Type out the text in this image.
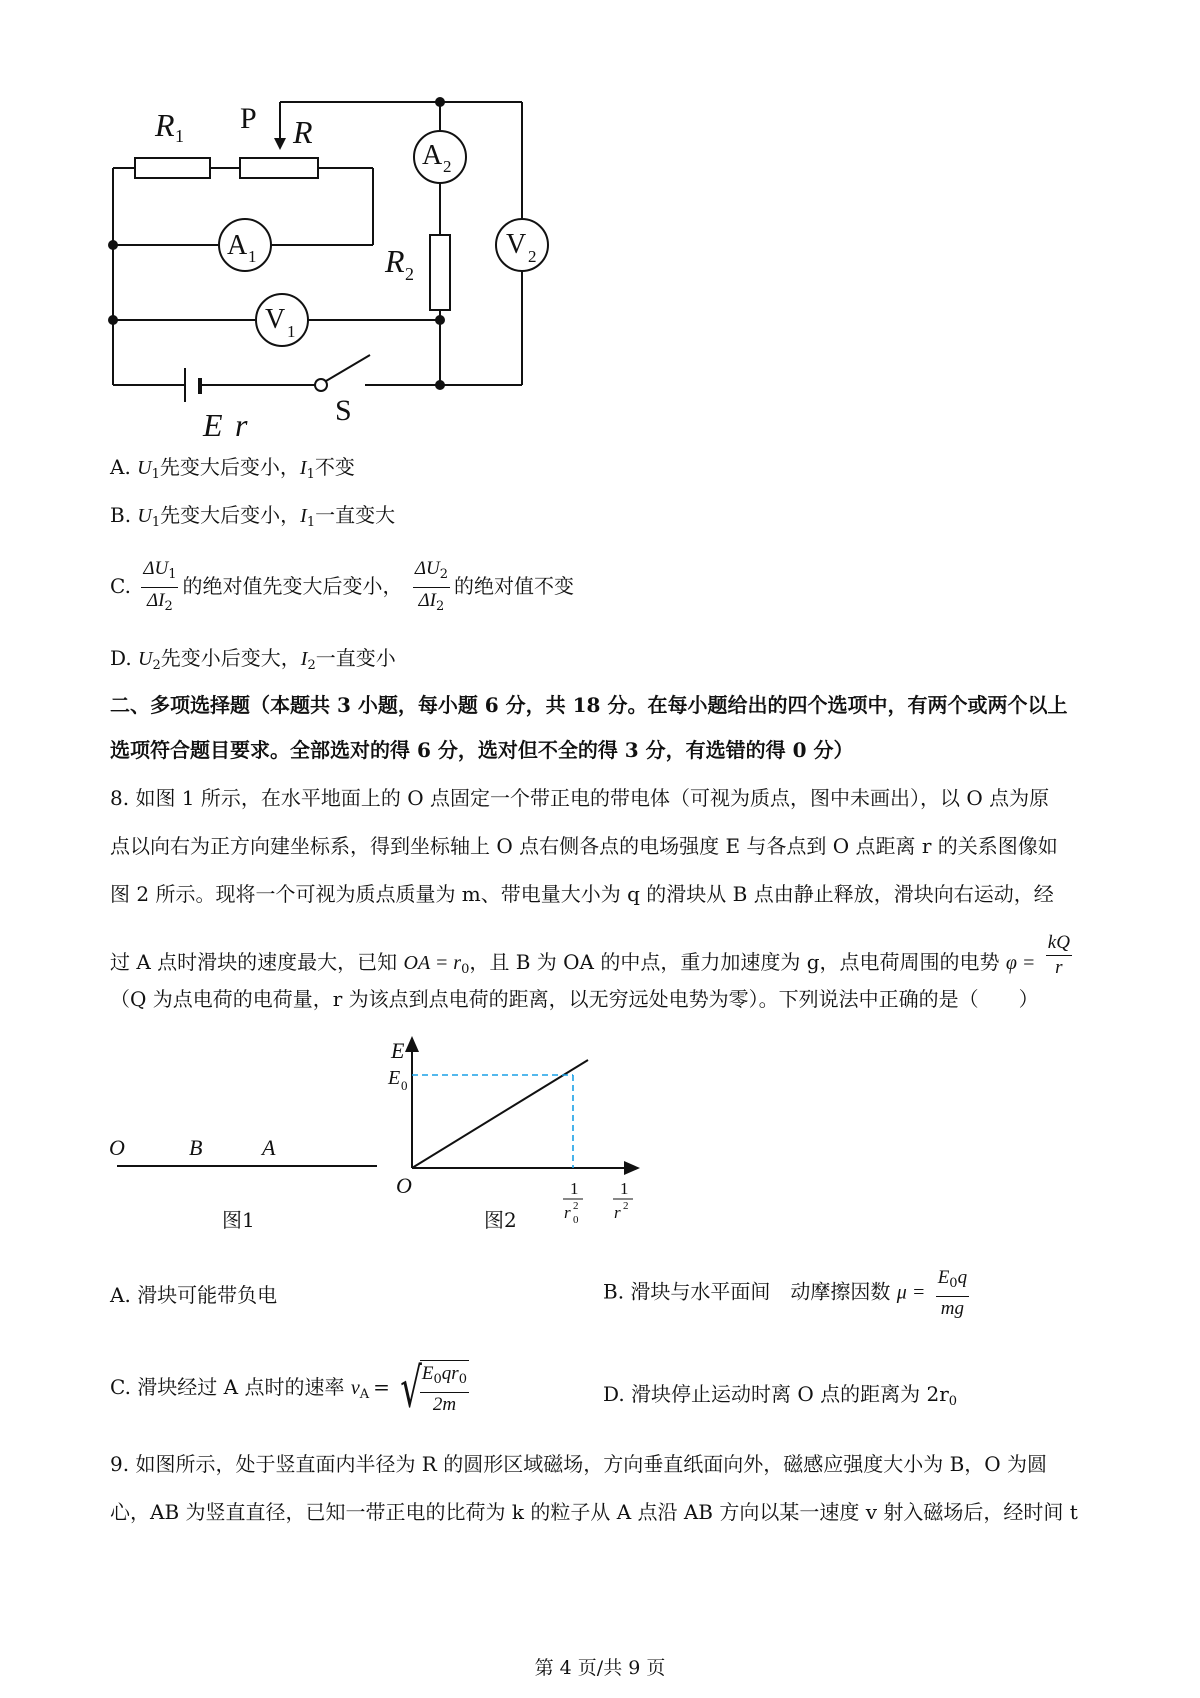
R 1
P R
A 2
A 1	R 2
V 2
V 1
E r	S
A. $U_1$先变大后变小，$I_1$不变
B. $U_1$先变大后变小，$I_1$一直变大
C. $\frac{\Delta U_1}{\Delta I_2}$ 的绝对值先变大后变小， $\frac{\Delta U_2}{\Delta I_2}$ 的绝对值不变
D. $U_2$先变小后变大，$I_2$一直变小
二、多项选择题（本题共 3 小题，每小题 6 分，共 18 分。在每小题给出的四个选项中，有两个或两个以上
选项符合题目要求。全部选对的得 6 分，选对但不全的得 3 分，有选错的得 0 分）
8. 如图 1 所示，在水平地面上的 O 点固定一个带正电的带电体（可视为质点，图中未画出），以 O 点为原
点以向右为正方向建坐标系，得到坐标轴上 O 点右侧各点的电场强度 E 与各点到 O 点距离 r 的关系图像如
图 2 所示。现将一个可视为质点质量为 m、带电量大小为 q 的滑块从 B 点由静止释放，滑块向右运动，经
过 A 点时滑块的速度最大，已知 OA = $r_0$，且 B 为 OA 的中点，重力加速度为 g，点电荷周围的电势 $\varphi = \frac{kQ}{r}$
（Q 为点电荷的电荷量，r 为该点到点电荷的距离，以无穷远处电势为零）。下列说法中正确的是（　　）
O	B	A
图1
E
E 0
O	1
r 2
0
1
r 2
图2
A. 滑块可能带负电	B. 滑块与水平面间　动摩擦因数 $\mu = \frac{E_0q}{mg}$
C. 滑块经过 A 点时的速率 $v_A$ = √
$\frac{E_0qr_0}{2m}$	D. 滑块停止运动时离 O 点的距离为 $2r_0$
9. 如图所示，处于竖直面内半径为 R 的圆形区域磁场，方向垂直纸面向外，磁感应强度大小为 B，O 为圆
心，AB 为竖直直径，已知一带正电的比荷为 k 的粒子从 A 点沿 AB 方向以某一速度 v 射入磁场后，经时间 t
第 4 页/共 9 页
